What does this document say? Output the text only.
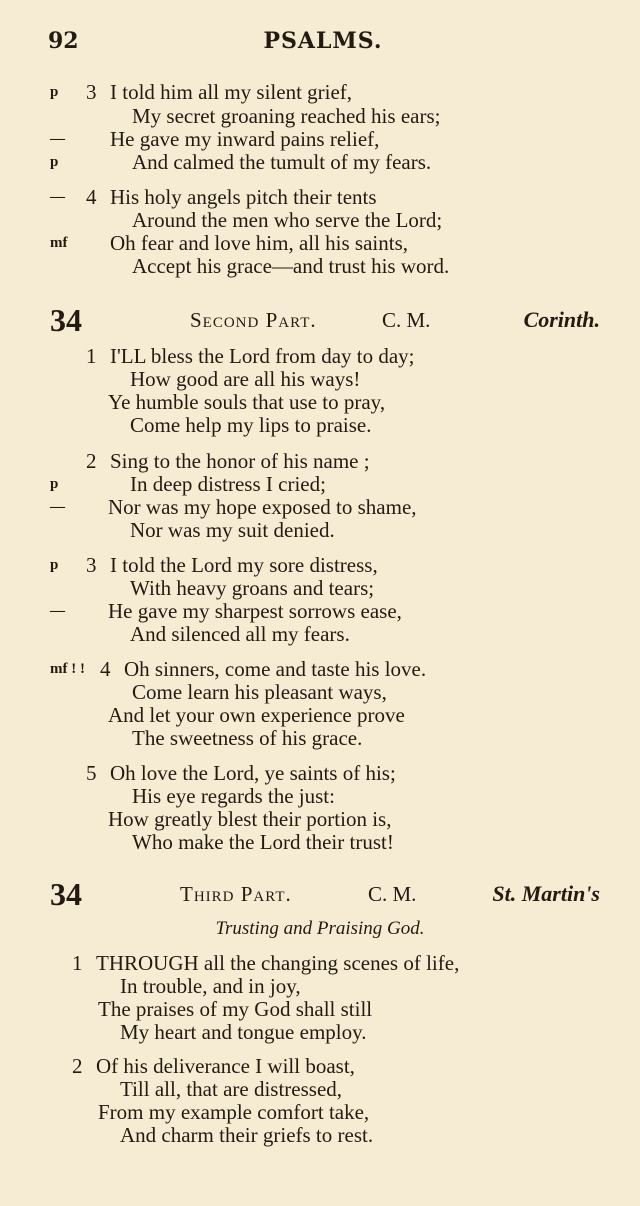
92	PSALMS.
p 3 I told him all my silent grief,
My secret groaning reached his ears;
— He gave my inward pains relief,
p	And calmed the tumult of my fears.
— 4 His holy angels pitch their tents
Around the men who serve the Lord;
mf Oh fear and love him, all his saints,
Accept his grace—and trust his word.
34	Second Part.	C. M.	Corinth.
1 I'LL bless the Lord from day to day;
How good are all his ways!
Ye humble souls that use to pray,
Come help my lips to praise.
2 Sing to the honor of his name ;
p	In deep distress I cried;
— Nor was my hope exposed to shame,
Nor was my suit denied.
p 3 I told the Lord my sore distress,
With heavy groans and tears;
— He gave my sharpest sorrows ease,
And silenced all my fears.
mf ! ! 4 Oh sinners, come and taste his love.
Come learn his pleasant ways,
And let your own experience prove
The sweetness of his grace.
5 Oh love the Lord, ye saints of his;
His eye regards the just:
How greatly blest their portion is,
Who make the Lord their trust!
34	Third Part.	C. M.	St. Martin's
Trusting and Praising God.
1 THROUGH all the changing scenes of life,
In trouble, and in joy,
The praises of my God shall still
My heart and tongue employ.
2 Of his deliverance I will boast,
Till all, that are distressed,
From my example comfort take,
And charm their griefs to rest.
